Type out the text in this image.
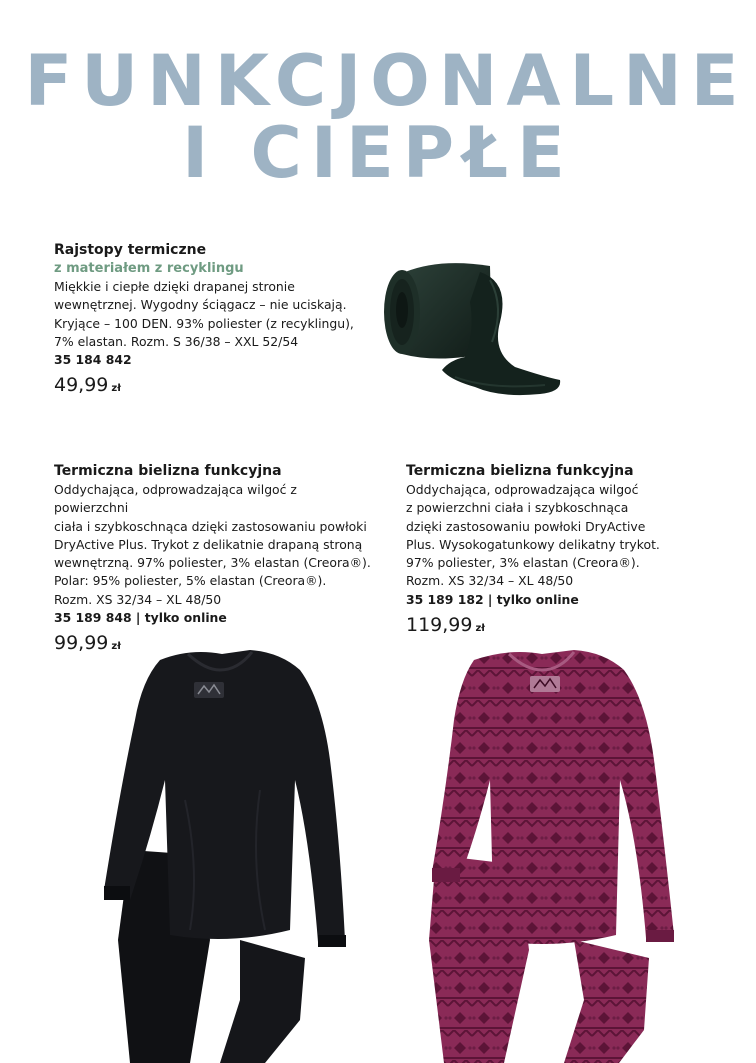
FUNKCJONALNE
I CIEPŁE
Rajstopy termiczne
z materiałem z recyklingu
Miękkie i ciepłe dzięki drapanej stronie
wewnętrznej. Wygodny ściągacz – nie uciskają.
Kryjące – 100 DEN. 93% poliester (z recyklingu),
7% elastan. Rozm. S 36/38 – XXL 52/54
35 184 842
49,99 zł
Termiczna bielizna funkcyjna
Oddychająca, odprowadzająca wilgoć z powierzchni
ciała i szybkoschnąca dzięki zastosowaniu powłoki
DryActive Plus. Trykot z delikatnie drapaną stroną
wewnętrzną. 97% poliester, 3% elastan (Creora®).
Polar: 95% poliester, 5% elastan (Creora®).
Rozm. XS 32/34 – XL 48/50
35 189 848 | tylko online
99,99 zł
Termiczna bielizna funkcyjna
Oddychająca, odprowadzająca wilgoć
z powierzchni ciała i szybkoschnąca
dzięki zastosowaniu powłoki DryActive
Plus. Wysokogatunkowy delikatny trykot.
97% poliester, 3% elastan (Creora®).
Rozm. XS 32/34 – XL 48/50
35 189 182 | tylko online
119,99 zł
